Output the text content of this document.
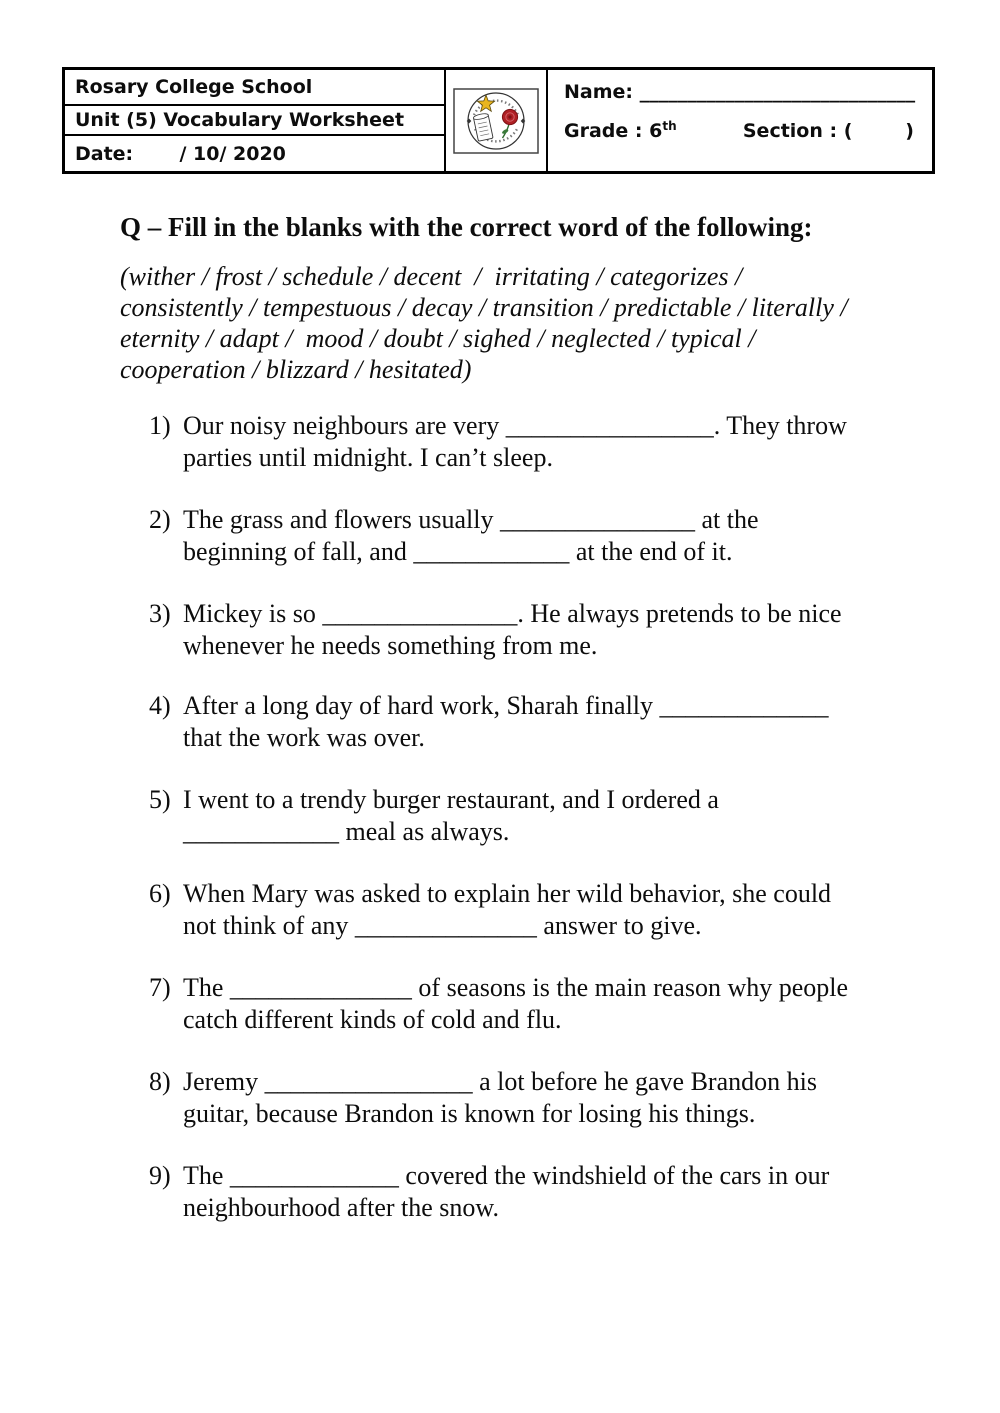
Rosary College School
Unit (5) Vocabulary Worksheet
Date:       / 10/ 2020
Name: _____________________________
Grade : 6th	Section : (        )
Q – Fill in the blanks with the correct word of the following:
(wither / frost / schedule / decent  /  irritating / categorizes /
consistently / tempestuous / decay / transition / predictable / literally /
eternity / adapt /  mood / doubt / sighed / neglected / typical /
cooperation / blizzard / hesitated)
1) Our noisy neighbours are very ________________. They throw
parties until midnight. I can’t sleep.
2) The grass and flowers usually _______________ at the
beginning of fall, and ____________ at the end of it.
3) Mickey is so _______________. He always pretends to be nice
whenever he needs something from me.
4) After a long day of hard work, Sharah finally _____________
that the work was over.
5) I went to a trendy burger restaurant, and I ordered a
____________ meal as always.
6) When Mary was asked to explain her wild behavior, she could
not think of any ______________ answer to give.
7) The ______________ of seasons is the main reason why people
catch different kinds of cold and flu.
8) Jeremy ________________ a lot before he gave Brandon his
guitar, because Brandon is known for losing his things.
9) The _____________ covered the windshield of the cars in our
neighbourhood after the snow.
